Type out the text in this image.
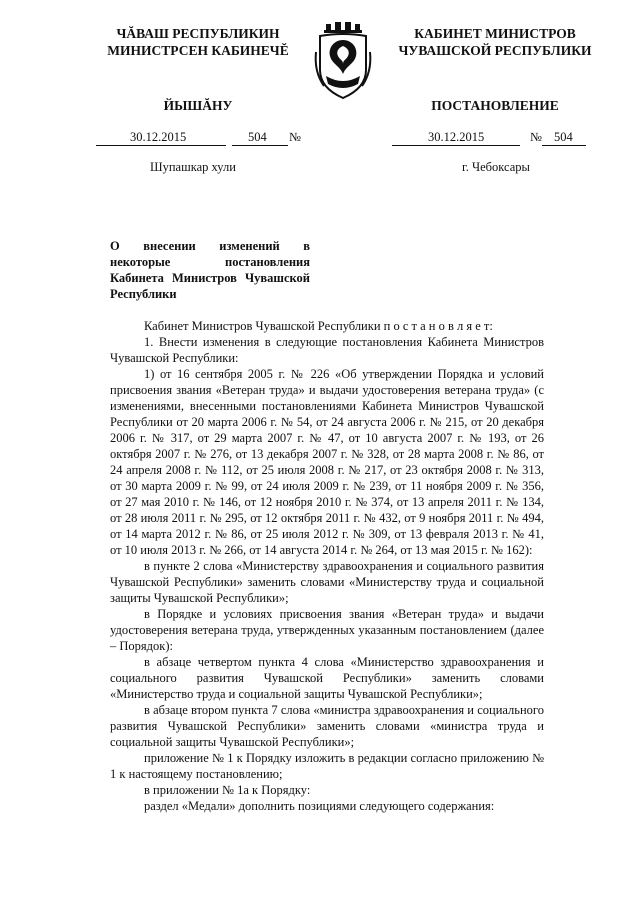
ЧĂВАШ РЕСПУБЛИКИН
МИНИСТРСЕН КАБИНЕЧĔ
КАБИНЕТ МИНИСТРОВ
ЧУВАШСКОЙ РЕСПУБЛИКИ
ЙЫШĂНУ	ПОСТАНОВЛЕНИЕ
30.12.2015	504 №	30.12.2015	№ 504
Шупашкар хули	г. Чебоксары
О внесении изменений в некоторые постановления Кабинета Министров Чувашской Республики

Кабинет Министров Чувашской Республики п о с т а н о в л я е т:

1. Внести изменения в следующие постановления Кабинета Министров Чувашской Республики:

1) от 16 сентября 2005 г. № 226 «Об утверждении Порядка и условий присвоения звания «Ветеран труда» и выдачи удостоверения ветерана труда» (с изменениями, внесенными постановлениями Кабинета Министров Чувашской Республики от 20 марта 2006 г. № 54, от 24 августа 2006 г. № 215, от 20 декабря 2006 г. № 317, от 29 марта 2007 г. № 47, от 10 августа 2007 г. № 193, от 26 октября 2007 г. № 276, от 13 декабря 2007 г. № 328, от 28 марта 2008 г. № 86, от 24 апреля 2008 г. № 112, от 25 июля 2008 г. № 217, от 23 октября 2008 г. № 313, от 30 марта 2009 г. № 99, от 24 июля 2009 г. № 239, от 11 ноября 2009 г. № 356, от 27 мая 2010 г. № 146, от 12 ноября 2010 г. № 374, от 13 апреля 2011 г. № 134, от 28 июля 2011 г. № 295, от 12 октября 2011 г. № 432, от 9 ноября 2011 г. № 494, от 14 марта 2012 г. № 86, от 25 июля 2012 г. № 309, от 13 февраля 2013 г. № 41, от 10 июля 2013 г. № 266, от 14 августа 2014 г. № 264, от 13 мая 2015 г. № 162):

в пункте 2 слова «Министерству здравоохранения и социального развития Чувашской Республики» заменить словами «Министерству труда и социальной защиты Чувашской Республики»;

в Порядке и условиях присвоения звания «Ветеран труда» и выдачи удостоверения ветерана труда, утвержденных указанным постановлением (далее – Порядок):

в абзаце четвертом пункта 4 слова «Министерство здравоохранения и социального развития Чувашской Республики» заменить словами «Министерство труда и социальной защиты Чувашской Республики»;

в абзаце втором пункта 7 слова «министра здравоохранения и социального развития Чувашской Республики» заменить словами «министра труда и социальной защиты Чувашской Республики»;

приложение № 1 к Порядку изложить в редакции согласно приложению № 1 к настоящему постановлению;

в приложении № 1а к Порядку:

раздел «Медали» дополнить позициями следующего содержания:
